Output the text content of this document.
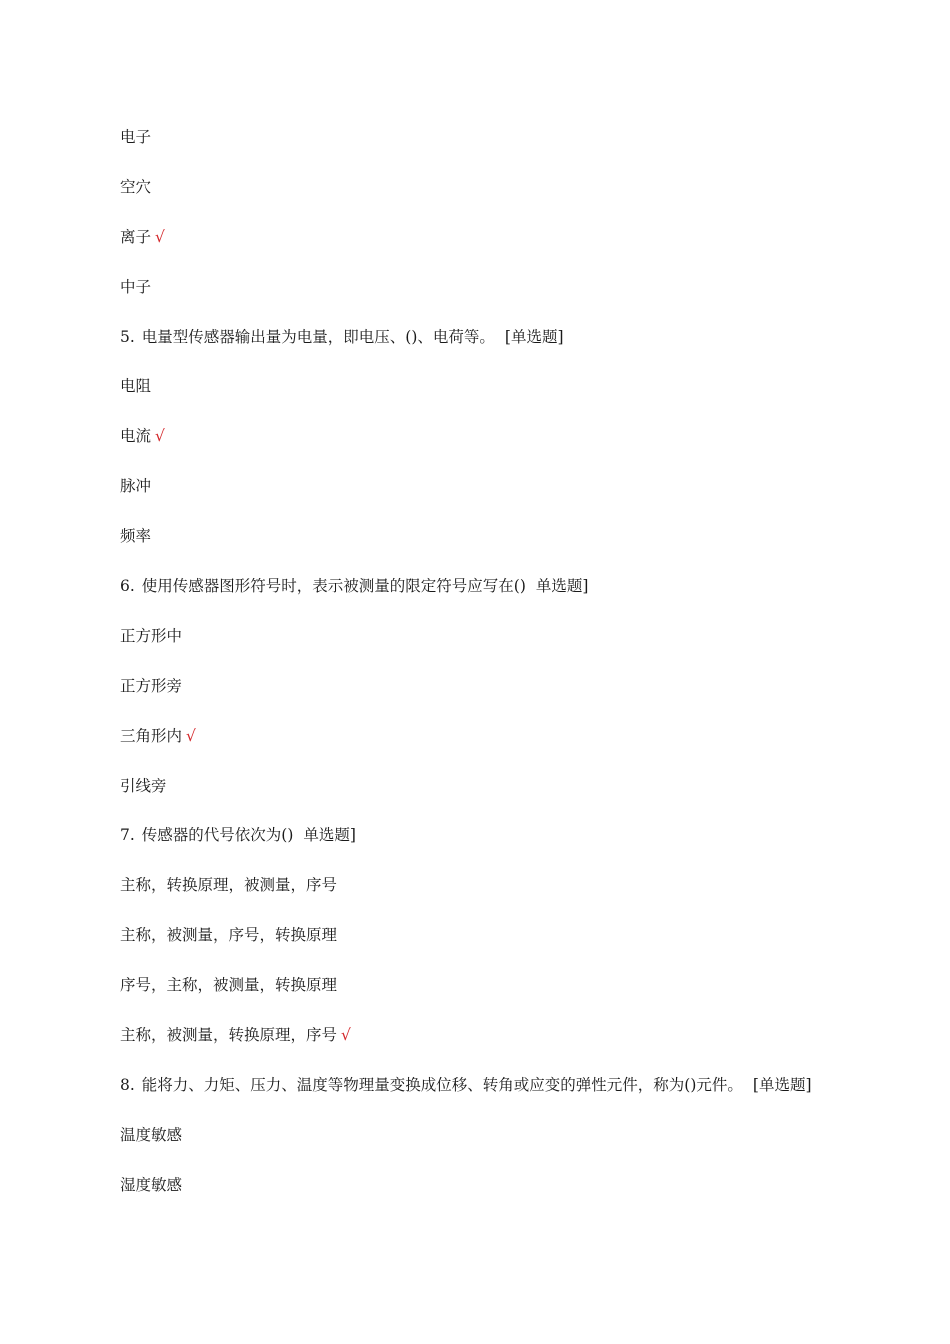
电子
空穴
离子 √
中子
5. 电量型传感器输出量为电量，即电压、()、电荷等。 [单选题]
电阻
电流 √
脉冲
频率
6. 使用传感器图形符号时，表示被测量的限定符号应写在() 单选题]
正方形中
正方形旁
三角形内 √
引线旁
7. 传感器的代号依次为() 单选题]
主称，转换原理，被测量，序号
主称，被测量，序号，转换原理
序号，主称，被测量，转换原理
主称，被测量，转换原理，序号 √
8. 能将力、力矩、压力、温度等物理量变换成位移、转角或应变的弹性元件，称为()元件。 [单选题]
温度敏感
湿度敏感
